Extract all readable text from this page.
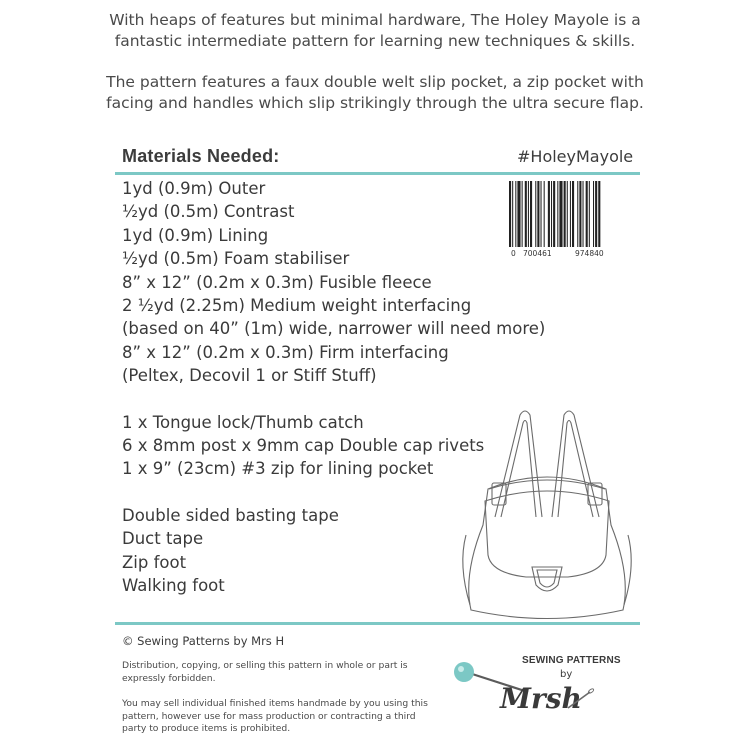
With heaps of features but minimal hardware, The Holey Mayole is a fantastic intermediate pattern for learning new techniques & skills.

The pattern features a faux double welt slip pocket, a zip pocket with facing and handles which slip strikingly through the ultra secure flap.

Materials Needed:	#HoleyMayole
1yd (0.9m) Outer
½yd (0.5m) Contrast
1yd (0.9m) Lining
½yd (0.5m) Foam stabiliser
8” x 12” (0.2m x 0.3m) Fusible fleece
2 ½yd (2.25m) Medium weight interfacing
(based on 40” (1m) wide, narrower will need more)
8” x 12” (0.2m x 0.3m) Firm interfacing
(Peltex, Decovil 1 or Stiff Stuff)
1 x Tongue lock/Thumb catch
6 x 8mm post x 9mm cap Double cap rivets
1 x 9” (23cm) #3 zip for lining pocket
Double sided basting tape
Duct tape
Zip foot
Walking foot
0 700461	974840
© Sewing Patterns by Mrs H

Distribution, copying, or selling this pattern in whole or part is expressly forbidden.

You may sell individual finished items handmade by you using this pattern, however use for mass production or contracting a third party to produce items is prohibited.

SEWING PATTERNS
by
Mrsh
